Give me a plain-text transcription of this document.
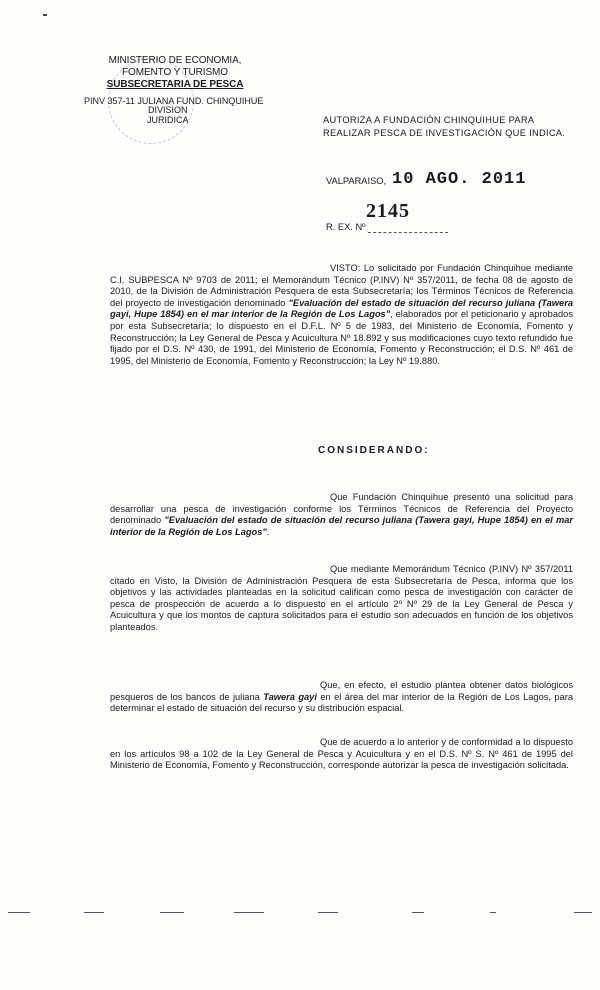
MINISTERIO DE ECONOMIA,
FOMENTO Y TURISMO
SUBSECRETARIA DE PESCA
PINV 357-11 JULIANA FUND. CHINQUIHUE
DIVISION
JURIDICA	AUTORIZA A FUNDACIÓN CHINQUIHUE PARA
REALIZAR PESCA DE INVESTIGACIÓN QUE INDICA.
VALPARAISO, 10 AGO. 2011
2145
R. EX. Nº
VISTO: Lo solicitado por Fundación Chinquihue mediante C.I. SUBPESCA Nº 9703 de 2011; el Memorándum Técnico (P.INV) Nº 357/2011, de fecha 08 de agosto de 2010, de la División de Administración Pesquera de esta Subsecretaría; los Términos Técnicos de Referencia del proyecto de investigación denominado "Evaluación del estado de situación del recurso juliana (Tawera gayi, Hupe 1854) en el mar interior de la Región de Los Lagos", elaborados por el peticionario y aprobados por esta Subsecretaría; lo dispuesto en el D.F.L. Nº 5 de 1983, del Ministerio de Economía, Fomento y Reconstrucción; la Ley General de Pesca y Acuicultura Nº 18.892 y sus modificaciones cuyo texto refundido fue fijado por el D.S. Nº 430, de 1991, del Ministerio de Economía, Fomento y Reconstrucción; el D.S. Nº 461 de 1995, del Ministerio de Economía, Fomento y Reconstrucción; la Ley Nº 19.880.
CONSIDERANDO:
Que Fundación Chinquihue presentó una solicitud para desarrollar una pesca de investigación conforme los Términos Técnicos de Referencia del Proyecto denominado "Evaluación del estado de situación del recurso juliana (Tawera gayi, Hupe 1854) en el mar interior de la Región de Los Lagos".
Que mediante Memorándum Técnico (P.INV) Nº 357/2011 citado en Visto, la División de Administración Pesquera de esta Subsecretaría de Pesca, informa que los objetivos y las actividades planteadas en la solicitud califican como pesca de investigación con carácter de pesca de prospección de acuerdo a lo dispuesto en el artículo 2º Nº 29 de la Ley General de Pesca y Acuicultura y que los montos de captura solicitados para el estudio son adecuados en función de los objetivos planteados.
Que, en efecto, el estudio plantea obtener datos biológicos pesqueros de los bancos de juliana Tawera gayi en el área del mar interior de la Región de Los Lagos, para determinar el estado de situación del recurso y su distribución espacial.
Que de acuerdo a lo anterior y de conformidad a lo dispuesto en los artículos 98 a 102 de la Ley General de Pesca y Acuicultura y en el D.S. Nº S. Nº 461 de 1995 del Ministerio de Economía, Fomento y Reconstrucción, corresponde autorizar la pesca de investigación solicitada.
